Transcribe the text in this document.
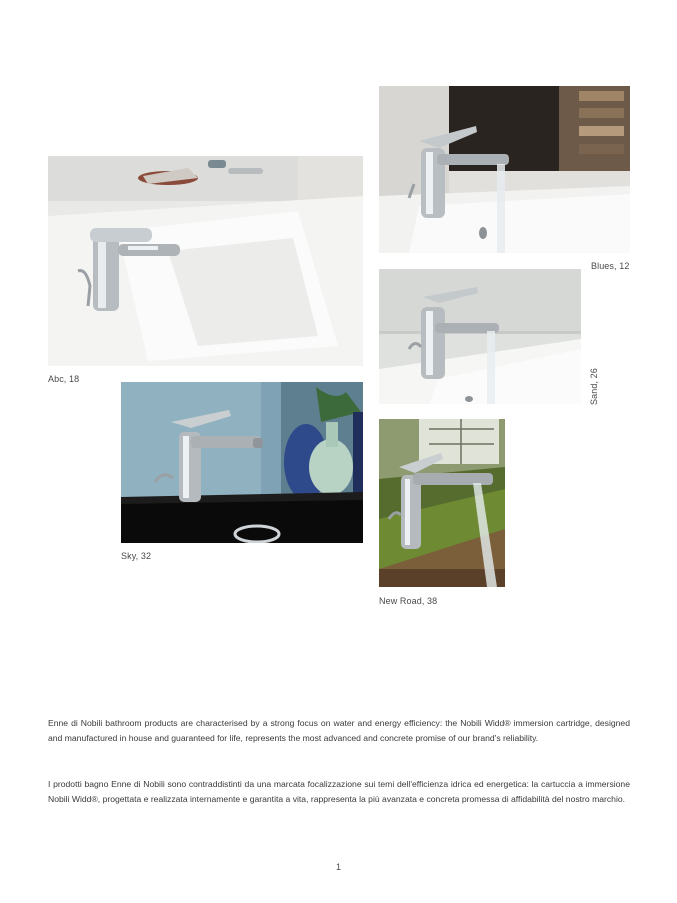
Abc, 18
Blues, 12
Sand, 26
Sky, 32
New Road, 38

Enne di Nobili bathroom products are characterised by a strong focus on water and energy efficiency: the Nobili Widd® immersion cartridge, designed and manufactured in house and guaranteed for life, represents the most advanced and concrete promise of our brand's reliability.

I prodotti bagno Enne di Nobili sono contraddistinti da una marcata focalizzazione sui temi dell'efficienza idrica ed energetica: la cartuccia a immersione Nobili Widd®, progettata e realizzata internamente e garantita a vita, rappresenta la più avanzata e concreta promessa di affidabilità del nostro marchio.

1
